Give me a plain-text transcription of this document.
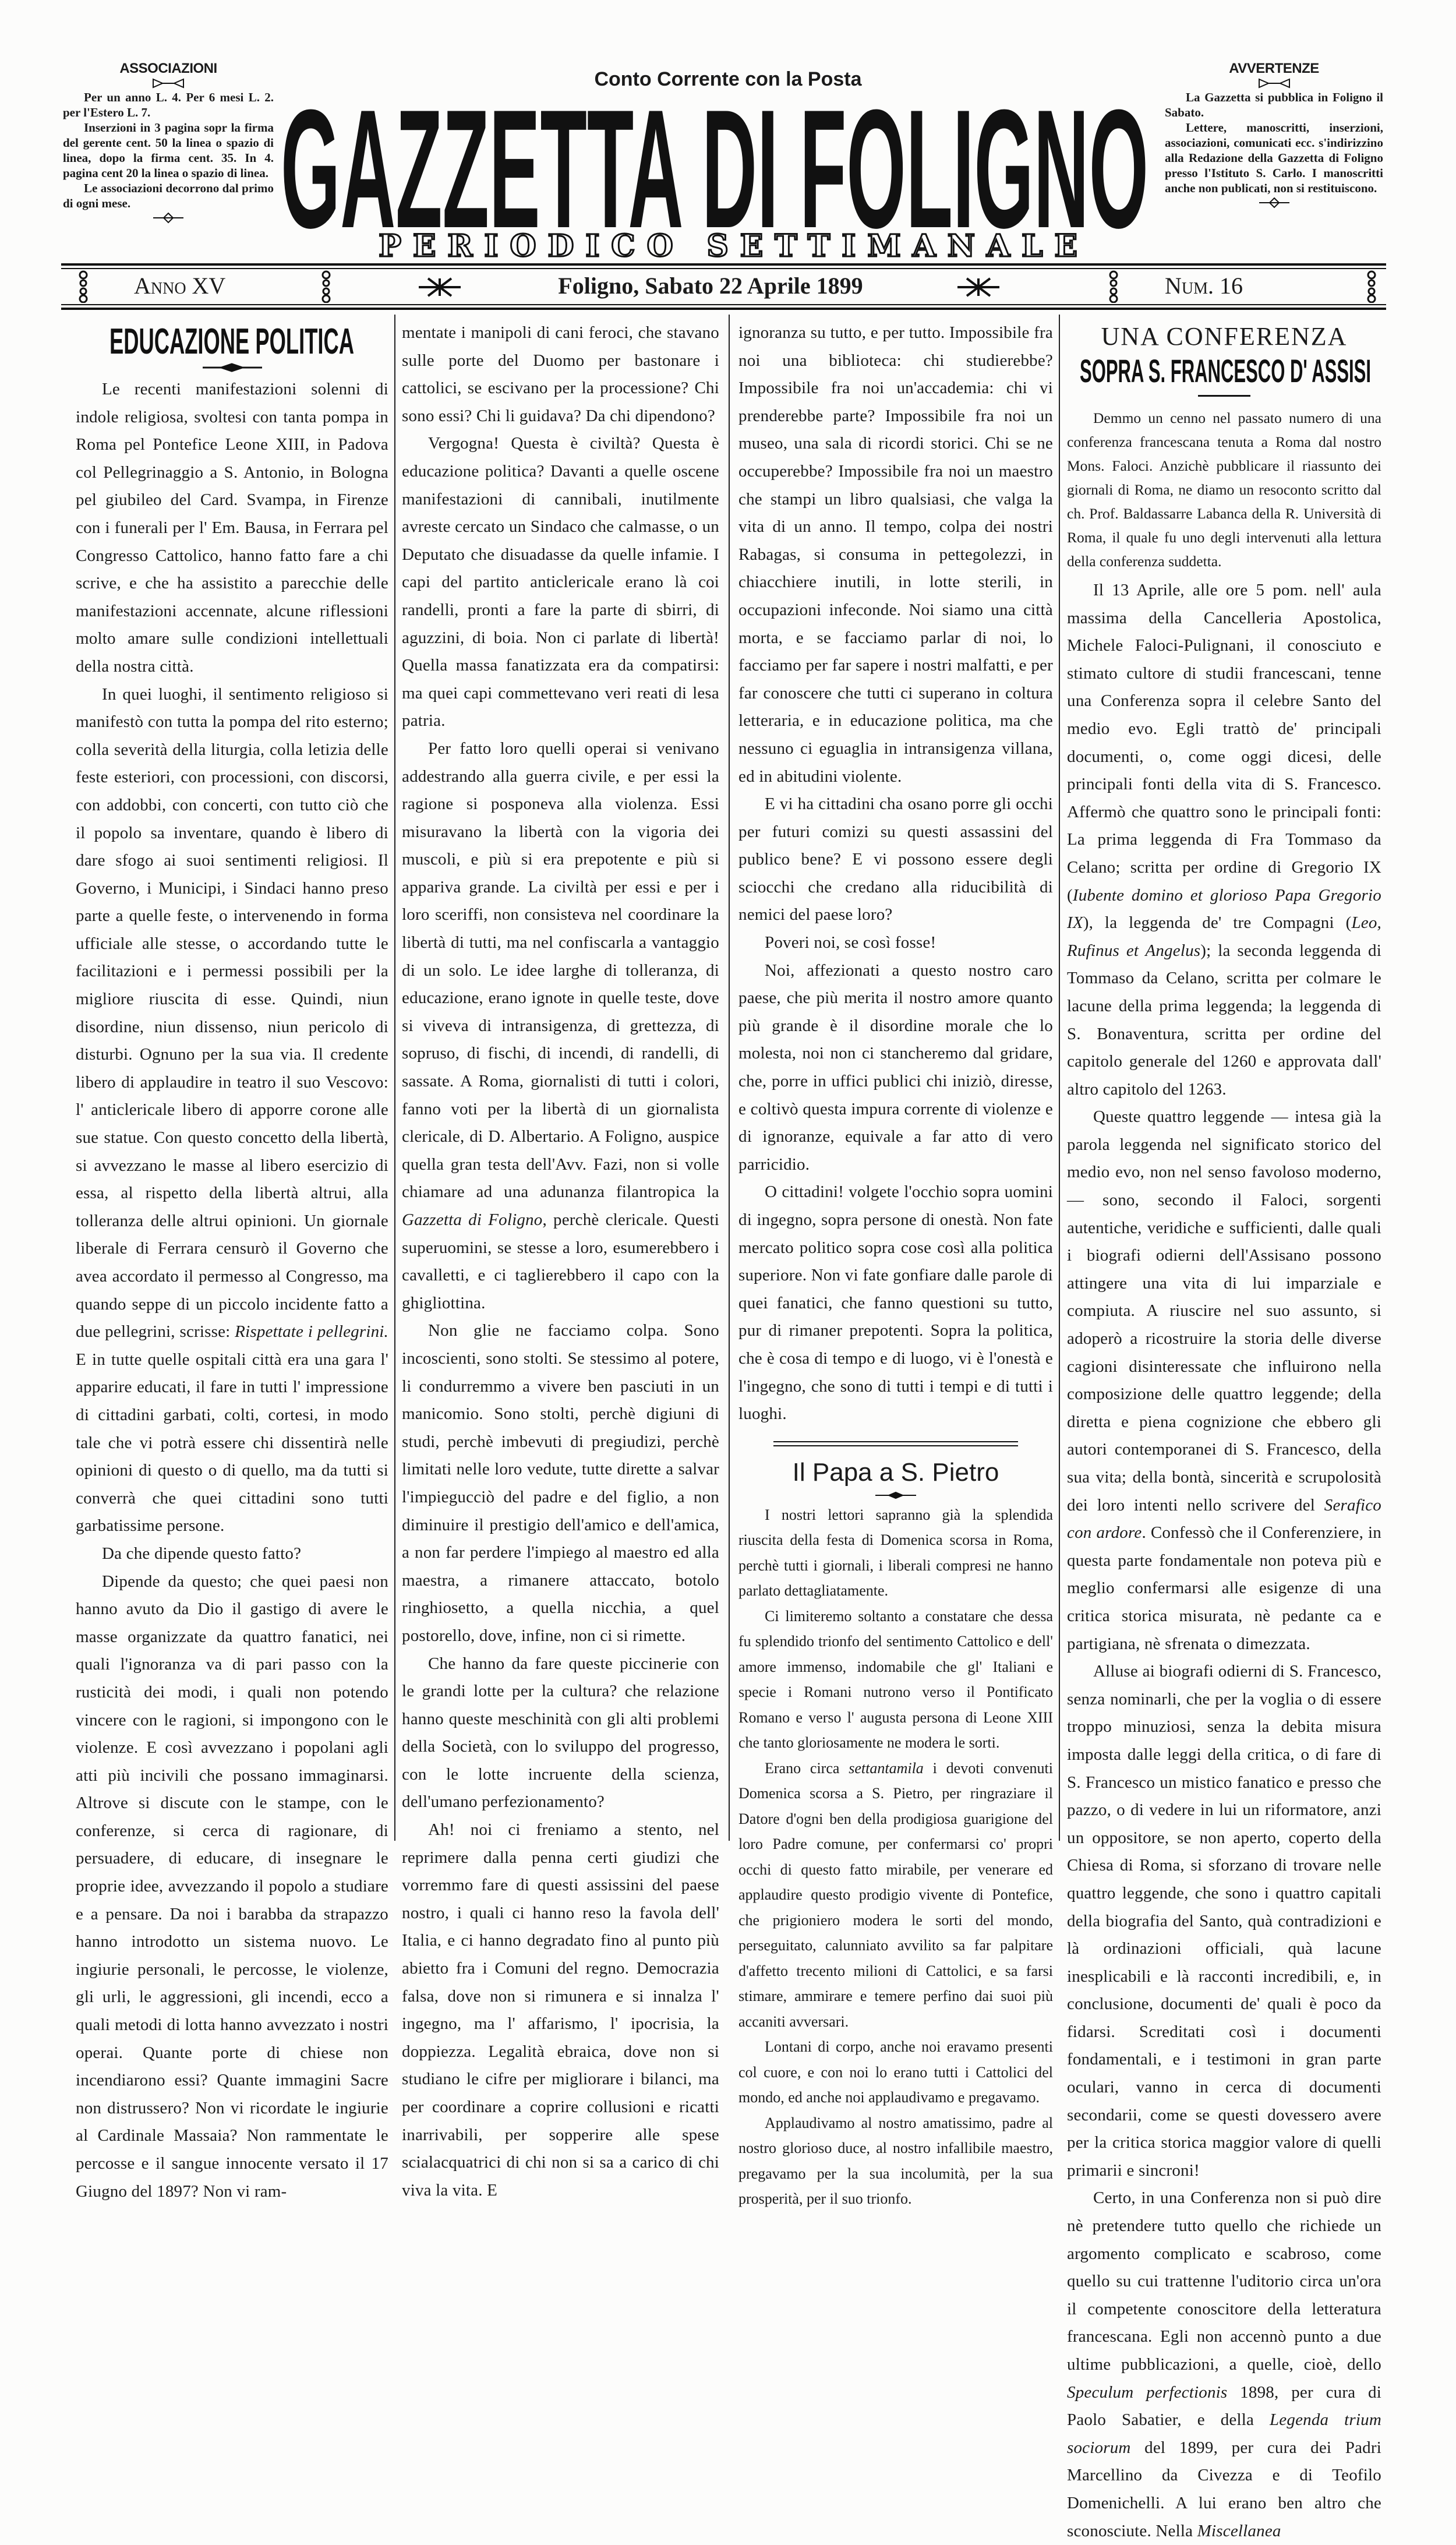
ASSOCIAZIONI

Per un anno L. 4. Per 6 mesi L. 2. per l'Estero L. 7.

Inserzioni in 3 pagina sopr la firma del gerente cent. 50 la linea o spazio di linea, dopo la firma cent. 35. In 4. pagina cent 20 la linea o spazio di linea.

Le associazioni decorrono dal primo di ogni mese.

Conto Corrente con la Posta
GAZZETTA DI FOLIGNO
PERIODICO SETTIMANALE
AVVERTENZE

La Gazzetta si pubblica in Foligno il Sabato.

Lettere, manoscritti, inserzioni, associazioni, comunicati ecc. s'indirizzino alla Redazione della Gazzetta di Foligno presso l'Istituto S. Carlo. I manoscritti anche non publicati, non si restituiscono.

Anno XV	Foligno, Sabato 22 Aprile 1899	Num. 16
EDUCAZIONE POLITICA

Le recenti manifestazioni solenni di indole religiosa, svoltesi con tanta pompa in Roma pel Pontefice Leone XIII, in Padova col Pellegrinaggio a S. Antonio, in Bologna pel giubileo del Card. Svampa, in Firenze con i funerali per l' Em. Bausa, in Ferrara pel Congresso Cattolico, hanno fatto fare a chi scrive, e che ha assistito a parecchie delle manifestazioni accennate, alcune riflessioni molto amare sulle condizioni intellettuali della nostra città.

In quei luoghi, il sentimento religioso si manifestò con tutta la pompa del rito esterno; colla severità della liturgia, colla letizia delle feste esteriori, con processioni, con discorsi, con addobbi, con concerti, con tutto ciò che il popolo sa inventare, quando è libero di dare sfogo ai suoi sentimenti religiosi. Il Governo, i Municipi, i Sindaci hanno preso parte a quelle feste, o intervenendo in forma ufficiale alle stesse, o accordando tutte le facilitazioni e i permessi possibili per la migliore riuscita di esse. Quindi, niun disordine, niun dissenso, niun pericolo di disturbi. Ognuno per la sua via. Il credente libero di applaudire in teatro il suo Vescovo: l' anticlericale libero di apporre corone alle sue statue. Con questo concetto della libertà, si avvezzano le masse al libero esercizio di essa, al rispetto della libertà altrui, alla tolleranza delle altrui opinioni. Un giornale liberale di Ferrara censurò il Governo che avea accordato il permesso al Congresso, ma quando seppe di un piccolo incidente fatto a due pellegrini, scrisse: Rispettate i pellegrini. E in tutte quelle ospitali città era una gara l' apparire educati, il fare in tutti l' impressione di cittadini garbati, colti, cortesi, in modo tale che vi potrà essere chi dissentirà nelle opinioni di questo o di quello, ma da tutti si converrà che quei cittadini sono tutti garbatissime persone.

Da che dipende questo fatto?

Dipende da questo; che quei paesi non hanno avuto da Dio il gastigo di avere le masse organizzate da quattro fanatici, nei quali l'ignoranza va di pari passo con la rusticità dei modi, i quali non potendo vincere con le ragioni, si impongono con le violenze. E così avvezzano i popolani agli atti più incivili che possano immaginarsi. Altrove si discute con le stampe, con le conferenze, si cerca di ragionare, di persuadere, di educare, di insegnare le proprie idee, avvezzando il popolo a studiare e a pensare. Da noi i barabba da strapazzo hanno introdotto un sistema nuovo. Le ingiurie personali, le percosse, le violenze, gli urli, le aggressioni, gli incendi, ecco a quali metodi di lotta hanno avvezzato i nostri operai. Quante porte di chiese non incendiarono essi? Quante immagini Sacre non distrussero? Non vi ricordate le ingiurie al Cardinale Massaia? Non rammentate le percosse e il sangue innocente versato il 17 Giugno del 1897? Non vi ram-

mentate i manipoli di cani feroci, che stavano sulle porte del Duomo per bastonare i cattolici, se escivano per la processione? Chi sono essi? Chi li guidava? Da chi dipendono?

Vergogna! Questa è civiltà? Questa è educazione politica? Davanti a quelle oscene manifestazioni di cannibali, inutilmente avreste cercato un Sindaco che calmasse, o un Deputato che disuadasse da quelle infamie. I capi del partito anticlericale erano là coi randelli, pronti a fare la parte di sbirri, di aguzzini, di boia. Non ci parlate di libertà! Quella massa fanatizzata era da compatirsi: ma quei capi commettevano veri reati di lesa patria.

Per fatto loro quelli operai si venivano addestrando alla guerra civile, e per essi la ragione si posponeva alla violenza. Essi misuravano la libertà con la vigoria dei muscoli, e più si era prepotente e più si appariva grande. La civiltà per essi e per i loro sceriffi, non consisteva nel coordinare la libertà di tutti, ma nel confiscarla a vantaggio di un solo. Le idee larghe di tolleranza, di educazione, erano ignote in quelle teste, dove si viveva di intransigenza, di grettezza, di sopruso, di fischi, di incendi, di randelli, di sassate. A Roma, giornalisti di tutti i colori, fanno voti per la libertà di un giornalista clericale, di D. Albertario. A Foligno, auspice quella gran testa dell'Avv. Fazi, non si volle chiamare ad una adunanza filantropica la Gazzetta di Foligno, perchè clericale. Questi superuomini, se stesse a loro, esumerebbero i cavalletti, e ci taglierebbero il capo con la ghigliottina.

Non glie ne facciamo colpa. Sono incoscienti, sono stolti. Se stessimo al potere, li condurremmo a vivere ben pasciuti in un manicomio. Sono stolti, perchè digiuni di studi, perchè imbevuti di pregiudizi, perchè limitati nelle loro vedute, tutte dirette a salvar l'impiegucciò del padre e del figlio, a non diminuire il prestigio dell'amico e dell'amica, a non far perdere l'impiego al maestro ed alla maestra, a rimanere attaccato, botolo ringhiosetto, a quella nicchia, a quel postorello, dove, infine, non ci si rimette.

Che hanno da fare queste piccinerie con le grandi lotte per la cultura? che relazione hanno queste meschinità con gli alti problemi della Società, con lo sviluppo del progresso, con le lotte incruente della scienza, dell'umano perfezionamento?

Ah! noi ci freniamo a stento, nel reprimere dalla penna certi giudizi che vorremmo fare di questi assissini del paese nostro, i quali ci hanno reso la favola dell' Italia, e ci hanno degradato fino al punto più abietto fra i Comuni del regno. Democrazia falsa, dove non si rimunera e si innalza l' ingegno, ma l' affarismo, l' ipocrisia, la doppiezza. Legalità ebraica, dove non si studiano le cifre per migliorare i bilanci, ma per coordinare a coprire collusioni e ricatti inarrivabili, per sopperire alle spese scialacquatrici di chi non si sa a carico di chi viva la vita. E

ignoranza su tutto, e per tutto. Impossibile fra noi una biblioteca: chi studierebbe? Impossibile fra noi un'accademia: chi vi prenderebbe parte? Impossibile fra noi un museo, una sala di ricordi storici. Chi se ne occuperebbe? Impossibile fra noi un maestro che stampi un libro qualsiasi, che valga la vita di un anno. Il tempo, colpa dei nostri Rabagas, si consuma in pettegolezzi, in chiacchiere inutili, in lotte sterili, in occupazioni infeconde. Noi siamo una città morta, e se facciamo parlar di noi, lo facciamo per far sapere i nostri malfatti, e per far conoscere che tutti ci superano in coltura letteraria, e in educazione politica, ma che nessuno ci eguaglia in intransigenza villana, ed in abitudini violente.

E vi ha cittadini cha osano porre gli occhi per futuri comizi su questi assassini del publico bene? E vi possono essere degli sciocchi che credano alla riducibilità di nemici del paese loro?

Poveri noi, se così fosse!

Noi, affezionati a questo nostro caro paese, che più merita il nostro amore quanto più grande è il disordine morale che lo molesta, noi non ci stancheremo dal gridare, che, porre in uffici publici chi iniziò, diresse, e coltivò questa impura corrente di violenze e di ignoranze, equivale a far atto di vero parricidio.

O cittadini! volgete l'occhio sopra uomini di ingegno, sopra persone di onestà. Non fate mercato politico sopra cose così alla politica superiore. Non vi fate gonfiare dalle parole di quei fanatici, che fanno questioni su tutto, pur di rimaner prepotenti. Sopra la politica, che è cosa di tempo e di luogo, vi è l'onestà e l'ingegno, che sono di tutti i tempi e di tutti i luoghi.

Il Papa a S. Pietro

I nostri lettori sapranno già la splendida riuscita della festa di Domenica scorsa in Roma, perchè tutti i giornali, i liberali compresi ne hanno parlato dettagliatamente.

Ci limiteremo soltanto a constatare che dessa fu splendido trionfo del sentimento Cattolico e dell' amore immenso, indomabile che gl' Italiani e specie i Romani nutrono verso il Pontificato Romano e verso l' augusta persona di Leone XIII che tanto gloriosamente ne modera le sorti.

Erano circa settantamila i devoti convenuti Domenica scorsa a S. Pietro, per ringraziare il Datore d'ogni ben della prodigiosa guarigione del loro Padre comune, per confermarsi co' propri occhi di questo fatto mirabile, per venerare ed applaudire questo prodigio vivente di Pontefice, che prigioniero modera le sorti del mondo, perseguitato, calunniato avvilito sa far palpitare d'affetto trecento milioni di Cattolici, e sa farsi stimare, ammirare e temere perfino dai suoi più accaniti avversari.

Lontani di corpo, anche noi eravamo presenti col cuore, e con noi lo erano tutti i Cattolici del mondo, ed anche noi applaudivamo e pregavamo.

Applaudivamo al nostro amatissimo, padre al nostro glorioso duce, al nostro infallibile maestro, pregavamo per la sua incolumità, per la sua prosperità, per il suo trionfo.

UNA CONFERENZA
SOPRA S. FRANCESCO D' ASSISI

Demmo un cenno nel passato numero di una conferenza francescana tenuta a Roma dal nostro Mons. Faloci. Anzichè pubblicare il riassunto dei giornali di Roma, ne diamo un resoconto scritto dal ch. Prof. Baldassarre Labanca della R. Università di Roma, il quale fu uno degli intervenuti alla lettura della conferenza suddetta.

Il 13 Aprile, alle ore 5 pom. nell' aula massima della Cancelleria Apostolica, Michele Faloci-Pulignani, il conosciuto e stimato cultore di studii francescani, tenne una Conferenza sopra il celebre Santo del medio evo. Egli trattò de' principali documenti, o, come oggi dicesi, delle principali fonti della vita di S. Francesco. Affermò che quattro sono le principali fonti: La prima leggenda di Fra Tommaso da Celano; scritta per ordine di Gregorio IX (Iubente domino et glorioso Papa Gregorio IX), la leggenda de' tre Compagni (Leo, Rufinus et Angelus); la seconda leggenda di Tommaso da Celano, scritta per colmare le lacune della prima leggenda; la leggenda di S. Bonaventura, scritta per ordine del capitolo generale del 1260 e approvata dall' altro capitolo del 1263.

Queste quattro leggende — intesa già la parola leggenda nel significato storico del medio evo, non nel senso favoloso moderno, — sono, secondo il Faloci, sorgenti autentiche, veridiche e sufficienti, dalle quali i biografi odierni dell'Assisano possono attingere una vita di lui imparziale e compiuta. A riuscire nel suo assunto, si adoperò a ricostruire la storia delle diverse cagioni disinteressate che influirono nella composizione delle quattro leggende; della diretta e piena cognizione che ebbero gli autori contemporanei di S. Francesco, della sua vita; della bontà, sincerità e scrupolosità dei loro intenti nello scrivere del Serafico con ardore. Confessò che il Conferenziere, in questa parte fondamentale non poteva più e meglio confermarsi alle esigenze di una critica storica misurata, nè pedante ca e partigiana, nè sfrenata o dimezzata.

Alluse ai biografi odierni di S. Francesco, senza nominarli, che per la voglia o di essere troppo minuziosi, senza la debita misura imposta dalle leggi della critica, o di fare di S. Francesco un mistico fanatico e presso che pazzo, o di vedere in lui un riformatore, anzi un oppositore, se non aperto, coperto della Chiesa di Roma, si sforzano di trovare nelle quattro leggende, che sono i quattro capitali della biografia del Santo, quà contradizioni e là ordinazioni officiali, quà lacune inesplicabili e là racconti incredibili, e, in conclusione, documenti de' quali è poco da fidarsi. Screditati così i documenti fondamentali, e i testimoni in gran parte oculari, vanno in cerca di documenti secondarii, come se questi dovessero avere per la critica storica maggior valore di quelli primarii e sincroni!

Certo, in una Conferenza non si può dire nè pretendere tutto quello che richiede un argomento complicato e scabroso, come quello su cui trattenne l'uditorio circa un'ora il competente conoscitore della letteratura francescana. Egli non accennò punto a due ultime pubblicazioni, a quelle, cioè, dello Speculum perfectionis 1898, per cura di Paolo Sabatier, e della Legenda trium sociorum del 1899, per cura dei Padri Marcellino da Civezza e di Teofilo Domenichelli. A lui erano ben altro che sconosciute. Nella Miscellanea
